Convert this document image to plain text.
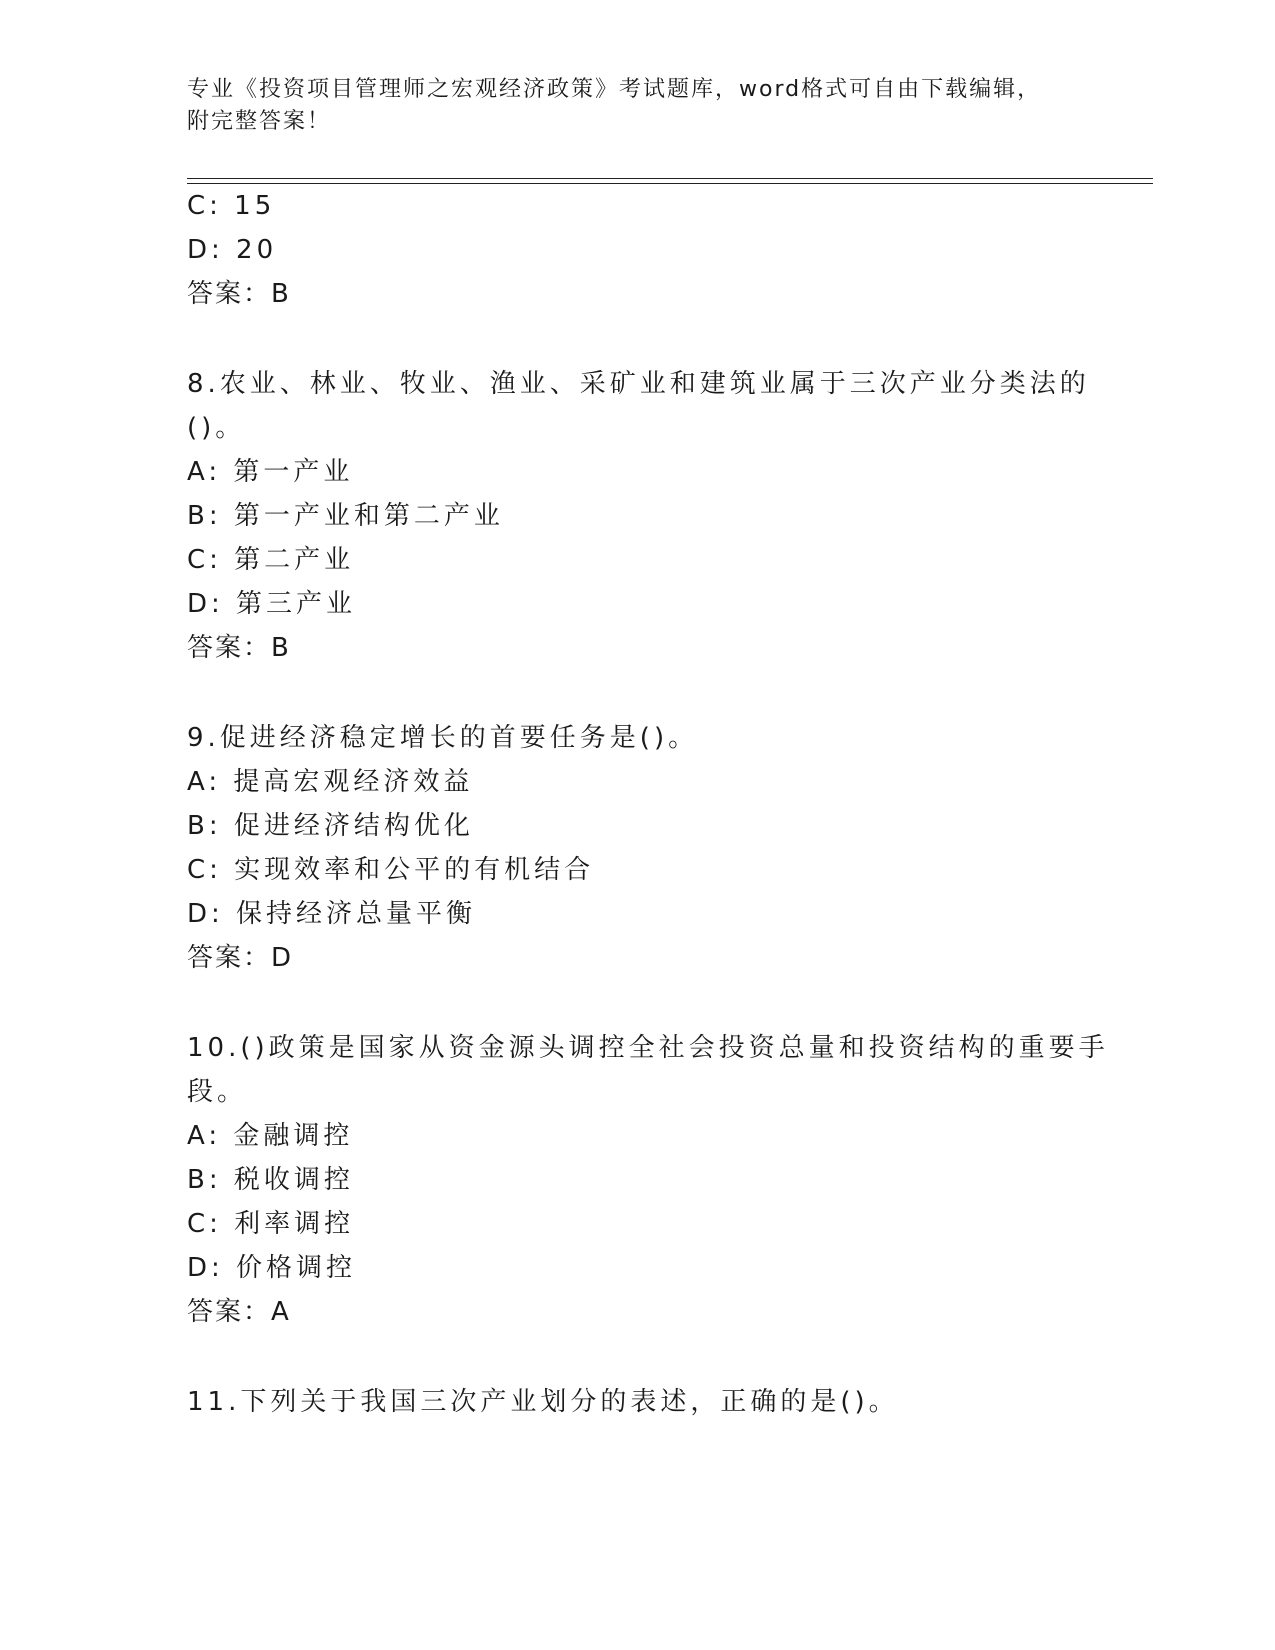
专业《投资项目管理师之宏观经济政策》考试题库，word格式可自由下载编辑，
附完整答案！
C: 15
D: 20
答案：B
8.农业、林业、牧业、渔业、采矿业和建筑业属于三次产业分类法的
()。
A: 第一产业
B: 第一产业和第二产业
C: 第二产业
D: 第三产业
答案：B
9.促进经济稳定增长的首要任务是()。
A: 提高宏观经济效益
B: 促进经济结构优化
C: 实现效率和公平的有机结合
D: 保持经济总量平衡
答案：D
10.()政策是国家从资金源头调控全社会投资总量和投资结构的重要手
段。
A: 金融调控
B: 税收调控
C: 利率调控
D: 价格调控
答案：A
11.下列关于我国三次产业划分的表述，正确的是()。
